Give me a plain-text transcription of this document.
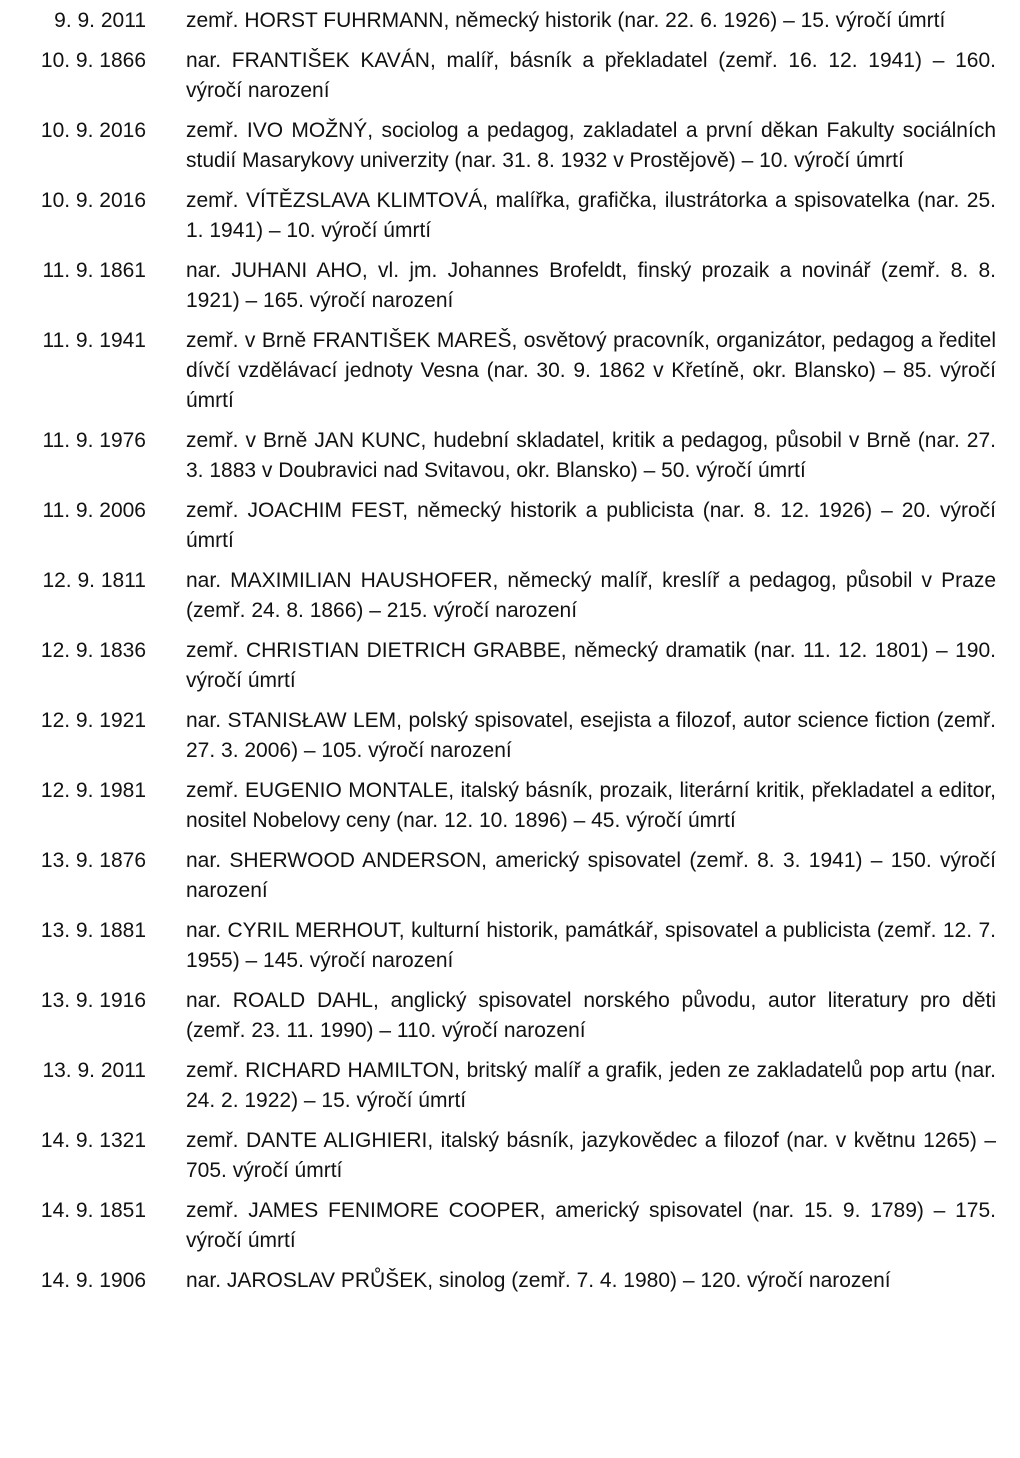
9. 9. 2011 zemř. HORST FUHRMANN, německý historik (nar. 22. 6. 1926) – 15. výročí úmrtí
10. 9. 1866 nar. FRANTIŠEK KAVÁN, malíř, básník a překladatel (zemř. 16. 12. 1941) – 160. výročí narození
10. 9. 2016 zemř. IVO MOŽNÝ, sociolog a pedagog, zakladatel a první děkan Fakulty sociálních studií Masarykovy univerzity (nar. 31. 8. 1932 v Prostějově) – 10. výročí úmrtí
10. 9. 2016 zemř. VÍTĚZSLAVA KLIMTOVÁ, malířka, grafička, ilustrátorka a spisovatelka (nar. 25. 1. 1941) – 10. výročí úmrtí
11. 9. 1861 nar. JUHANI AHO, vl. jm. Johannes Brofeldt, finský prozaik a novinář (zemř. 8. 8. 1921) – 165. výročí narození
11. 9. 1941 zemř. v Brně FRANTIŠEK MAREŠ, osvětový pracovník, organizátor, pedagog a ředitel dívčí vzdělávací jednoty Vesna (nar. 30. 9. 1862 v Křetíně, okr. Blansko) – 85. výročí úmrtí
11. 9. 1976 zemř. v Brně JAN KUNC, hudební skladatel, kritik a pedagog, působil v Brně (nar. 27. 3. 1883 v Doubravici nad Svitavou, okr. Blansko) – 50. výročí úmrtí
11. 9. 2006 zemř. JOACHIM FEST, německý historik a publicista (nar. 8. 12. 1926) – 20. výročí úmrtí
12. 9. 1811 nar. MAXIMILIAN HAUSHOFER, německý malíř, kreslíř a pedagog, působil v Praze (zemř. 24. 8. 1866) – 215. výročí narození
12. 9. 1836 zemř. CHRISTIAN DIETRICH GRABBE, německý dramatik (nar. 11. 12. 1801) – 190. výročí úmrtí
12. 9. 1921 nar. STANISŁAW LEM, polský spisovatel, esejista a filozof, autor science fiction (zemř. 27. 3. 2006) – 105. výročí narození
12. 9. 1981 zemř. EUGENIO MONTALE, italský básník, prozaik, literární kritik, překladatel a editor, nositel Nobelovy ceny (nar. 12. 10. 1896) – 45. výročí úmrtí
13. 9. 1876 nar. SHERWOOD ANDERSON, americký spisovatel (zemř. 8. 3. 1941) – 150. výročí narození
13. 9. 1881 nar. CYRIL MERHOUT, kulturní historik, památkář, spisovatel a publicista (zemř. 12. 7. 1955) – 145. výročí narození
13. 9. 1916 nar. ROALD DAHL, anglický spisovatel norského původu, autor literatury pro děti (zemř. 23. 11. 1990) – 110. výročí narození
13. 9. 2011 zemř. RICHARD HAMILTON, britský malíř a grafik, jeden ze zakladatelů pop artu (nar. 24. 2. 1922) – 15. výročí úmrtí
14. 9. 1321 zemř. DANTE ALIGHIERI, italský básník, jazykovědec a filozof (nar. v květnu 1265) – 705. výročí úmrtí
14. 9. 1851 zemř. JAMES FENIMORE COOPER, americký spisovatel (nar. 15. 9. 1789) – 175. výročí úmrtí
14. 9. 1906 nar. JAROSLAV PRŮŠEK, sinolog (zemř. 7. 4. 1980) – 120. výročí narození
